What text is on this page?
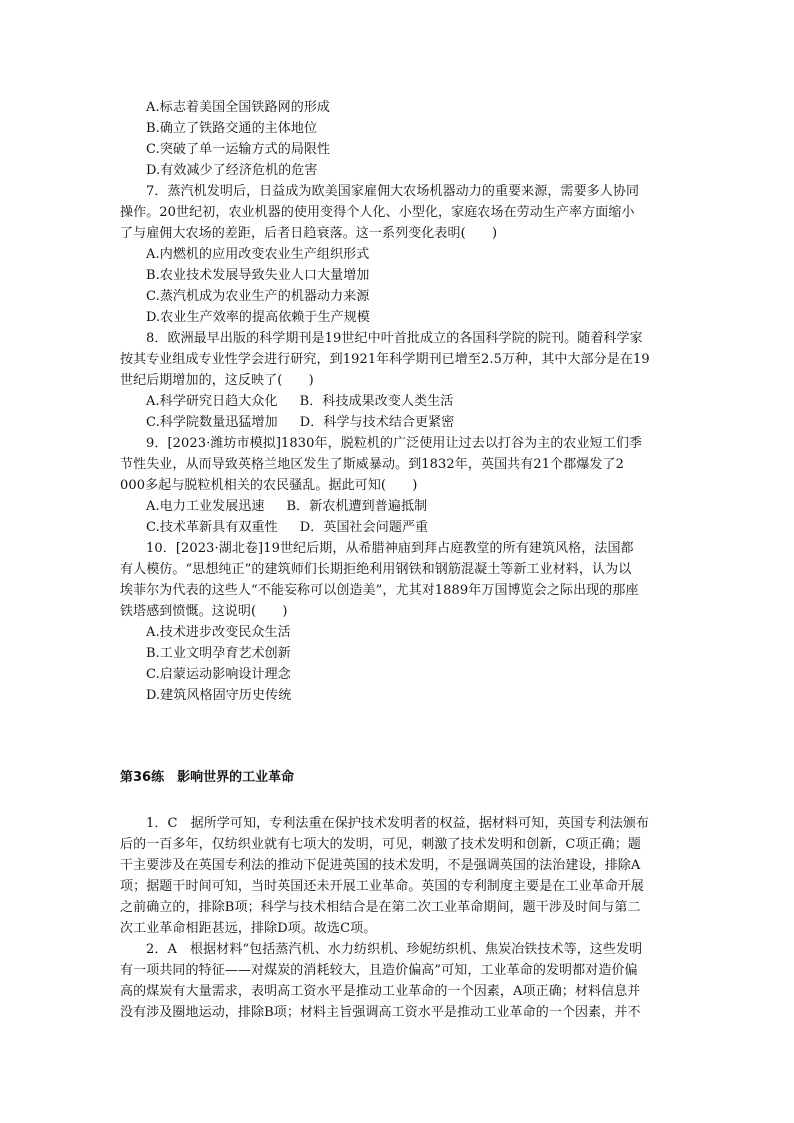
A.标志着美国全国铁路网的形成
B.确立了铁路交通的主体地位
C.突破了单一运输方式的局限性
D.有效减少了经济危机的危害
7．蒸汽机发明后，日益成为欧美国家雇佣大农场机器动力的重要来源，需要多人协同
操作。20世纪初，农业机器的使用变得个人化、小型化，家庭农场在劳动生产率方面缩小
了与雇佣大农场的差距，后者日趋衰落。这一系列变化表明(　　)
A.内燃机的应用改变农业生产组织形式
B.农业技术发展导致失业人口大量增加
C.蒸汽机成为农业生产的机器动力来源
D.农业生产效率的提高依赖于生产规模
8．欧洲最早出版的科学期刊是19世纪中叶首批成立的各国科学院的院刊。随着科学家
按其专业组成专业性学会进行研究，到1921年科学期刊已增至2.5万种，其中大部分是在19
世纪后期增加的，这反映了(　　)
A.科学研究日趋大众化 B．科技成果改变人类生活
C.科学院数量迅猛增加 D．科学与技术结合更紧密
9．[2023·潍坊市模拟]1830年，脱粒机的广泛使用让过去以打谷为主的农业短工们季
节性失业，从而导致英格兰地区发生了斯威暴动。到1832年，英国共有21个郡爆发了2
000多起与脱粒机相关的农民骚乱。据此可知(　　)
A.电力工业发展迅速 B．新农机遭到普遍抵制
C.技术革新具有双重性 D．英国社会问题严重
10．[2023·湖北卷]19世纪后期，从希腊神庙到拜占庭教堂的所有建筑风格，法国都
有人模仿。“思想纯正”的建筑师们长期拒绝利用钢铁和钢筋混凝土等新工业材料，认为以
埃菲尔为代表的这些人“不能妄称可以创造美”，尤其对1889年万国博览会之际出现的那座
铁塔感到愤慨。这说明(　　)
A.技术进步改变民众生活
B.工业文明孕育艺术创新
C.启蒙运动影响设计理念
D.建筑风格固守历史传统
第36练　影响世界的工业革命
1．C　据所学可知，专利法重在保护技术发明者的权益，据材料可知，英国专利法颁布
后的一百多年，仅纺织业就有七项大的发明，可见，刺激了技术发明和创新，C项正确；题
干主要涉及在英国专利法的推动下促进英国的技术发明，不是强调英国的法治建设，排除A
项；据题干时间可知，当时英国还未开展工业革命。英国的专利制度主要是在工业革命开展
之前确立的，排除B项；科学与技术相结合是在第二次工业革命期间，题干涉及时间与第二
次工业革命相距甚远，排除D项。故选C项。
2．A　根据材料“包括蒸汽机、水力纺织机、珍妮纺织机、焦炭冶铁技术等，这些发明
有一项共同的特征——对煤炭的消耗较大，且造价偏高”可知，工业革命的发明都对造价偏
高的煤炭有大量需求，表明高工资水平是推动工业革命的一个因素，A项正确；材料信息并
没有涉及圈地运动，排除B项；材料主旨强调高工资水平是推动工业革命的一个因素，并不
